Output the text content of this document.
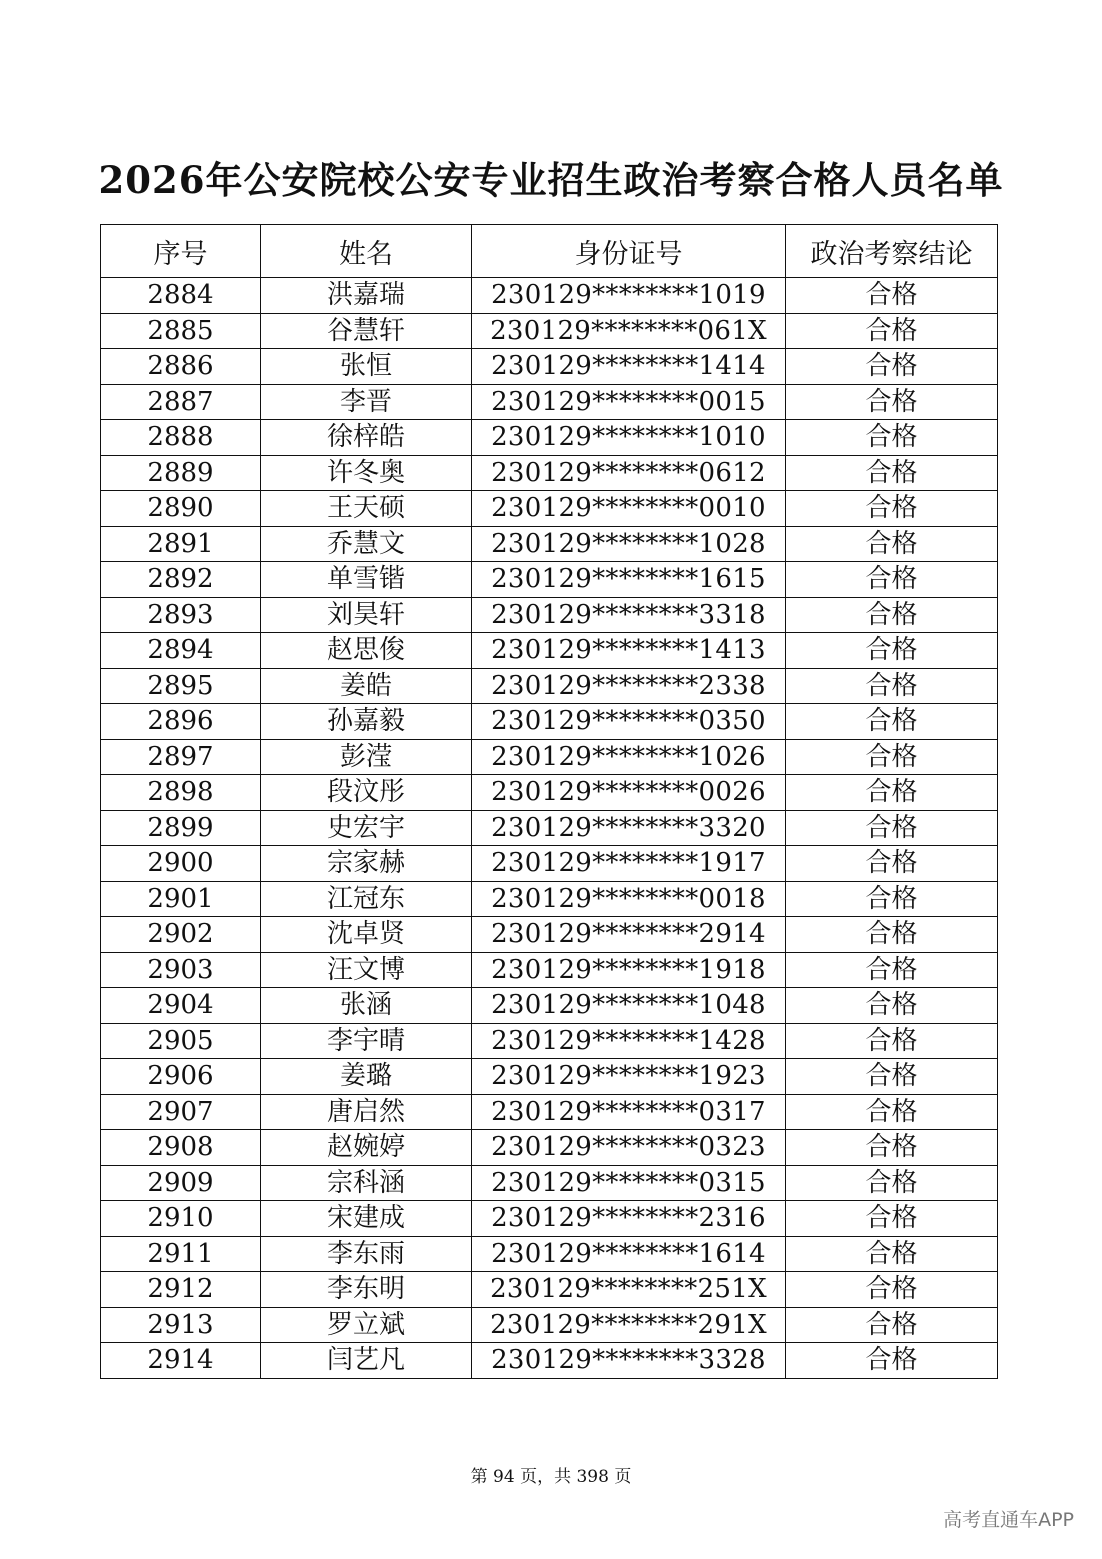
2026年公安院校公安专业招生政治考察合格人员名单
序号	姓名	身份证号	政治考察结论
2884	洪嘉瑞	230129********1019	合格
2885	谷慧轩	230129********061X	合格
2886	张恒	230129********1414	合格
2887	李晋	230129********0015	合格
2888	徐梓皓	230129********1010	合格
2889	许冬奥	230129********0612	合格
2890	王天硕	230129********0010	合格
2891	乔慧文	230129********1028	合格
2892	单雪锴	230129********1615	合格
2893	刘昊轩	230129********3318	合格
2894	赵思俊	230129********1413	合格
2895	姜皓	230129********2338	合格
2896	孙嘉毅	230129********0350	合格
2897	彭滢	230129********1026	合格
2898	段汶彤	230129********0026	合格
2899	史宏宇	230129********3320	合格
2900	宗家赫	230129********1917	合格
2901	江冠东	230129********0018	合格
2902	沈卓贤	230129********2914	合格
2903	汪文博	230129********1918	合格
2904	张涵	230129********1048	合格
2905	李宇晴	230129********1428	合格
2906	姜璐	230129********1923	合格
2907	唐启然	230129********0317	合格
2908	赵婉婷	230129********0323	合格
2909	宗科涵	230129********0315	合格
2910	宋建成	230129********2316	合格
2911	李东雨	230129********1614	合格
2912	李东明	230129********251X	合格
2913	罗立斌	230129********291X	合格
2914	闫艺凡	230129********3328	合格
第 94 页，共 398 页
高考直通车APP
